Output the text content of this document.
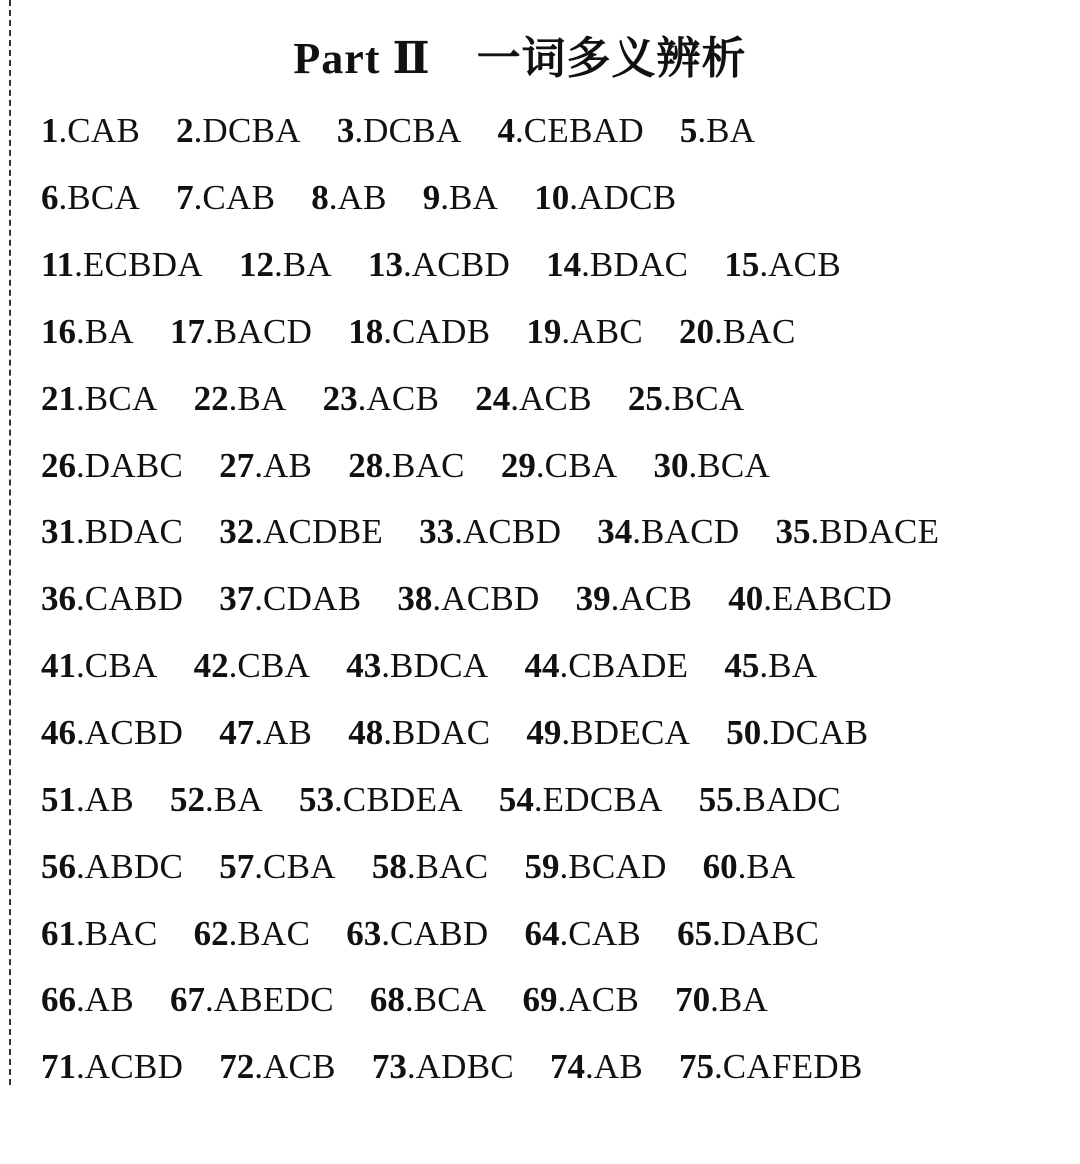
Part Ⅱ 一词多义辨析
1 . CAB 2 . DCBA 3 . DCBA 4 . CEBAD 5 . BA
6 . BCA 7 . CAB 8 . AB 9 . BA 10 . ADCB
11 . ECBDA 12 . BA 13 . ACBD 14 . BDAC 15 . ACB
16 . BA 17 . BACD 18 . CADB 19 . ABC 20 . BAC
21 . BCA 22 . BA 23 . ACB 24 . ACB 25 . BCA
26 . DABC 27 . AB 28 . BAC 29 . CBA 30 . BCA
31 . BDAC 32 . ACDBE 33 . ACBD 34 . BACD 35 . BDACE
36 . CABD 37 . CDAB 38 . ACBD 39 . ACB 40 . EABCD
41 . CBA 42 . CBA 43 . BDCA 44 . CBADE 45 . BA
46 . ACBD 47 . AB 48 . BDAC 49 . BDECA 50 . DCAB
51 . AB 52 . BA 53 . CBDEA 54 . EDCBA 55 . BADC
56 . ABDC 57 . CBA 58 . BAC 59 . BCAD 60 . BA
61 . BAC 62 . BAC 63 . CABD 64 . CAB 65 . DABC
66 . AB 67 . ABEDC 68 . BCA 69 . ACB 70 . BA
71 . ACBD 72 . ACB 73 . ADBC 74 . AB 75 . CAFEDB
